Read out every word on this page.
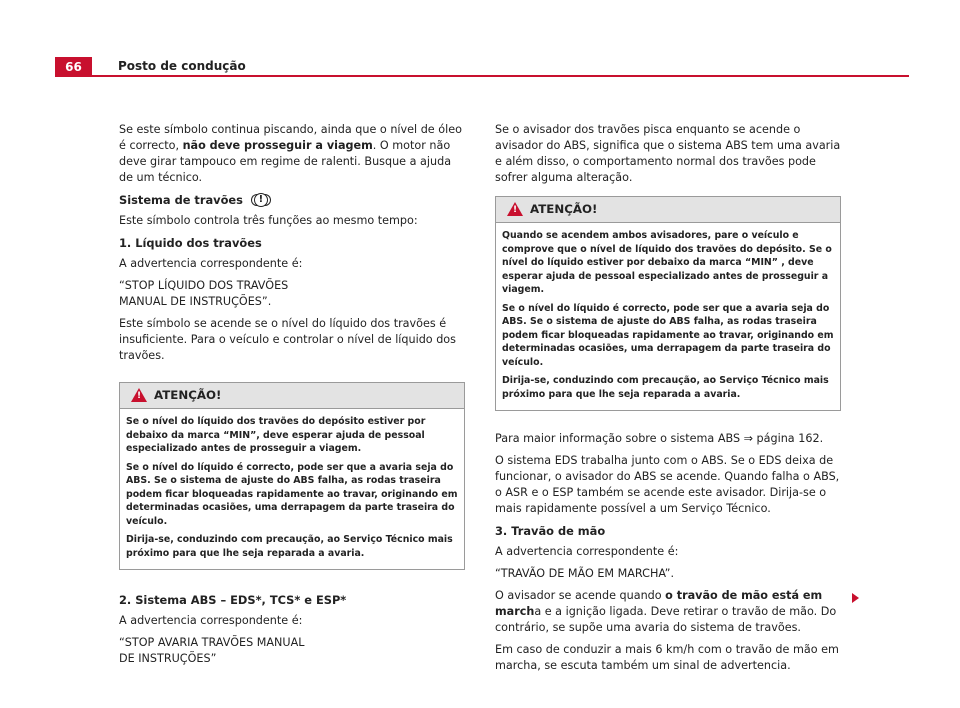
66	Posto de condução

Se este símbolo continua piscando, ainda que o nível de óleo é correcto, não deve prosseguir a viagem. O motor não deve girar tampouco em regime de ralenti. Busque a ajuda de um técnico.

Sistema de travões	!

Este símbolo controla três funções ao mesmo tempo:

1. Líquido dos travões

A advertencia correspondente é:

“STOP LÍQUIDO DOS TRAVÕES MANUAL DE INSTRUÇÕES”.

Este símbolo se acende se o nível do líquido dos travões é insuficiente. Para o veículo e controlar o nível de líquido dos travões.

!	ATENÇÃO!

Se o nível do líquido dos travões do depósito estiver por debaixo da marca “MIN”, deve esperar ajuda de pessoal especializado antes de prosseguir a viagem.

Se o nível do líquido é correcto, pode ser que a avaria seja do ABS. Se o sistema de ajuste do ABS falha, as rodas traseira podem ficar bloqueadas rapidamente ao travar, originando em determinadas ocasiões, uma derrapagem da parte traseira do veículo.

Dirija-se, conduzindo com precaução, ao Serviço Técnico mais próximo para que lhe seja reparada a avaria.

2. Sistema ABS – EDS*, TCS* e ESP*

A advertencia correspondente é:

“STOP AVARIA TRAVÕES MANUAL DE INSTRUÇÕES”

Se o avisador dos travões pisca enquanto se acende o avisador do ABS, significa que o sistema ABS tem uma avaria e além disso, o comportamento normal dos travões pode sofrer alguma alteração.

!	ATENÇÃO!

Quando se acendem ambos avisadores, pare o veículo e comprove que o nível de líquido dos travões do depósito. Se o nível do líquido estiver por debaixo da marca “MIN” , deve esperar ajuda de pessoal especializado antes de prosseguir a viagem.

Se o nível do líquido é correcto, pode ser que a avaria seja do ABS. Se o sistema de ajuste do ABS falha, as rodas traseira podem ficar bloqueadas rapidamente ao travar, originando em determinadas ocasiões, uma derrapagem da parte traseira do veículo.

Dirija-se, conduzindo com precaução, ao Serviço Técnico mais próximo para que lhe seja reparada a avaria.

Para maior informação sobre o sistema ABS ⇒ página 162.

O sistema EDS trabalha junto com o ABS. Se o EDS deixa de funcionar, o avisador do ABS se acende. Quando falha o ABS, o ASR e o ESP também se acende este avisador. Dirija-se o mais rapidamente possível a um Serviço Técnico.

3. Travão de mão

A advertencia correspondente é:

“TRAVÃO DE MÃO EM MARCHA”.

O avisador se acende quando o travão de mão está em marcha e a ignição ligada. Deve retirar o travão de mão. Do contrário, se supõe uma avaria do sistema de travões.

Em caso de conduzir a mais 6 km/h com o travão de mão em marcha, se escuta também um sinal de advertencia.
